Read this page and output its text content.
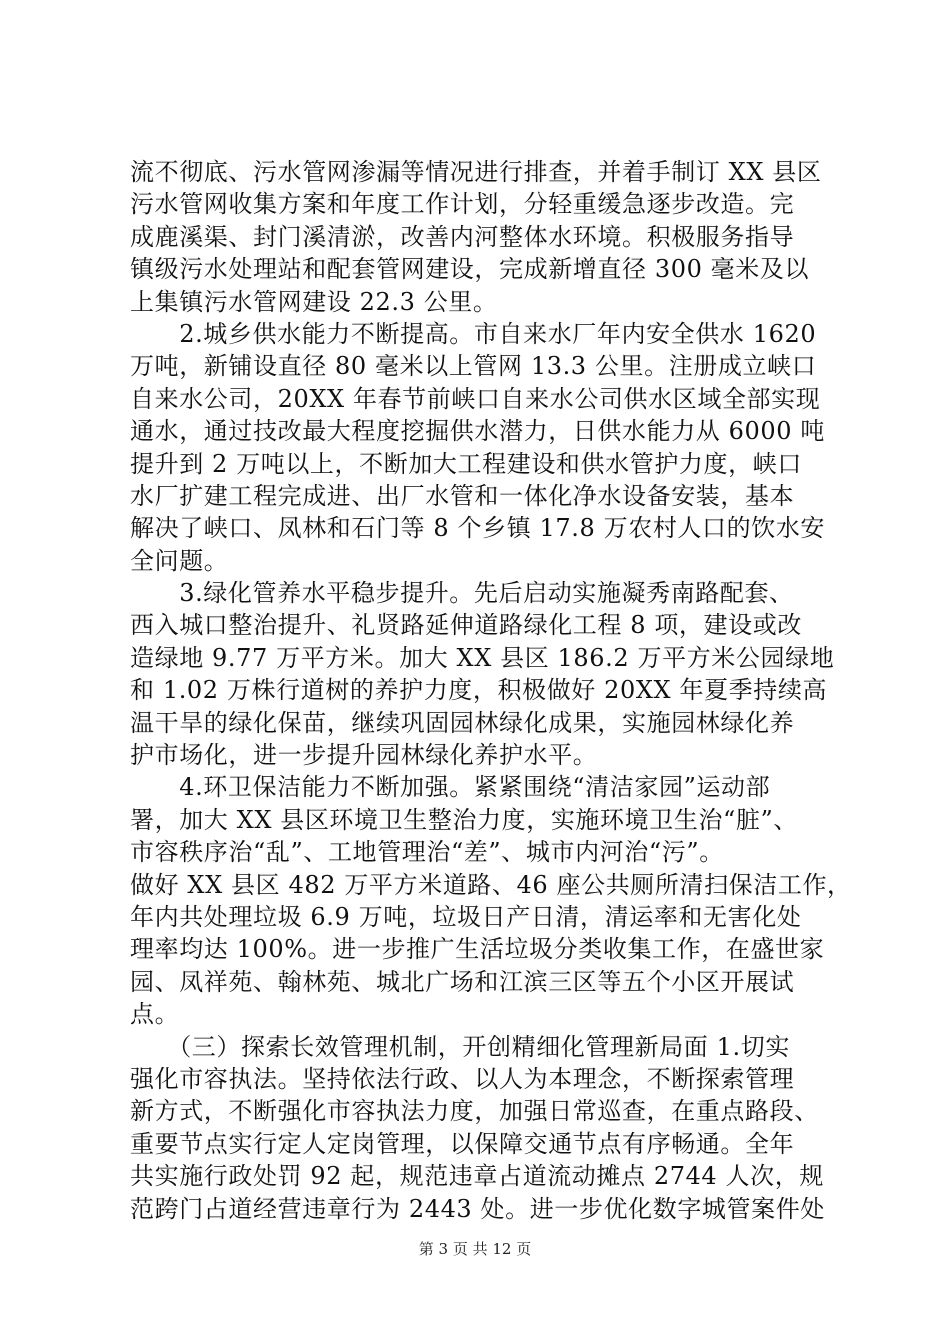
流不彻底、污水管网渗漏等情况进行排查，并着手制订 XX 县区
污水管网收集方案和年度工作计划，分轻重缓急逐步改造。完
成鹿溪渠、封门溪清淤，改善内河整体水环境。积极服务指导
镇级污水处理站和配套管网建设，完成新增直径 300 毫米及以
上集镇污水管网建设 22.3 公里。
　　2.城乡供水能力不断提高。市自来水厂年内安全供水 1620
万吨，新铺设直径 80 毫米以上管网 13.3 公里。注册成立峡口
自来水公司，20XX 年春节前峡口自来水公司供水区域全部实现
通水，通过技改最大程度挖掘供水潜力，日供水能力从 6000 吨
提升到 2 万吨以上，不断加大工程建设和供水管护力度，峡口
水厂扩建工程完成进、出厂水管和一体化净水设备安装，基本
解决了峡口、凤林和石门等 8 个乡镇 17.8 万农村人口的饮水安
全问题。
　　3.绿化管养水平稳步提升。先后启动实施凝秀南路配套、
西入城口整治提升、礼贤路延伸道路绿化工程 8 项，建设或改
造绿地 9.77 万平方米。加大 XX 县区 186.2 万平方米公园绿地
和 1.02 万株行道树的养护力度，积极做好 20XX 年夏季持续高
温干旱的绿化保苗，继续巩固园林绿化成果，实施园林绿化养
护市场化，进一步提升园林绿化养护水平。
　　4.环卫保洁能力不断加强。紧紧围绕“清洁家园”运动部
署，加大 XX 县区环境卫生整治力度，实施环境卫生治“脏”、
市容秩序治“乱”、工地管理治“差”、城市内河治“污”。
做好 XX 县区 482 万平方米道路、46 座公共厕所清扫保洁工作，
年内共处理垃圾 6.9 万吨，垃圾日产日清，清运率和无害化处
理率均达 100%。进一步推广生活垃圾分类收集工作，在盛世家
园、凤祥苑、翰林苑、城北广场和江滨三区等五个小区开展试
点。
　　（三）探索长效管理机制，开创精细化管理新局面 1.切实
强化市容执法。坚持依法行政、以人为本理念，不断探索管理
新方式，不断强化市容执法力度，加强日常巡查，在重点路段、
重要节点实行定人定岗管理，以保障交通节点有序畅通。全年
共实施行政处罚 92 起，规范违章占道流动摊点 2744 人次，规
范跨门占道经营违章行为 2443 处。进一步优化数字城管案件处
第 3 页 共 12 页
